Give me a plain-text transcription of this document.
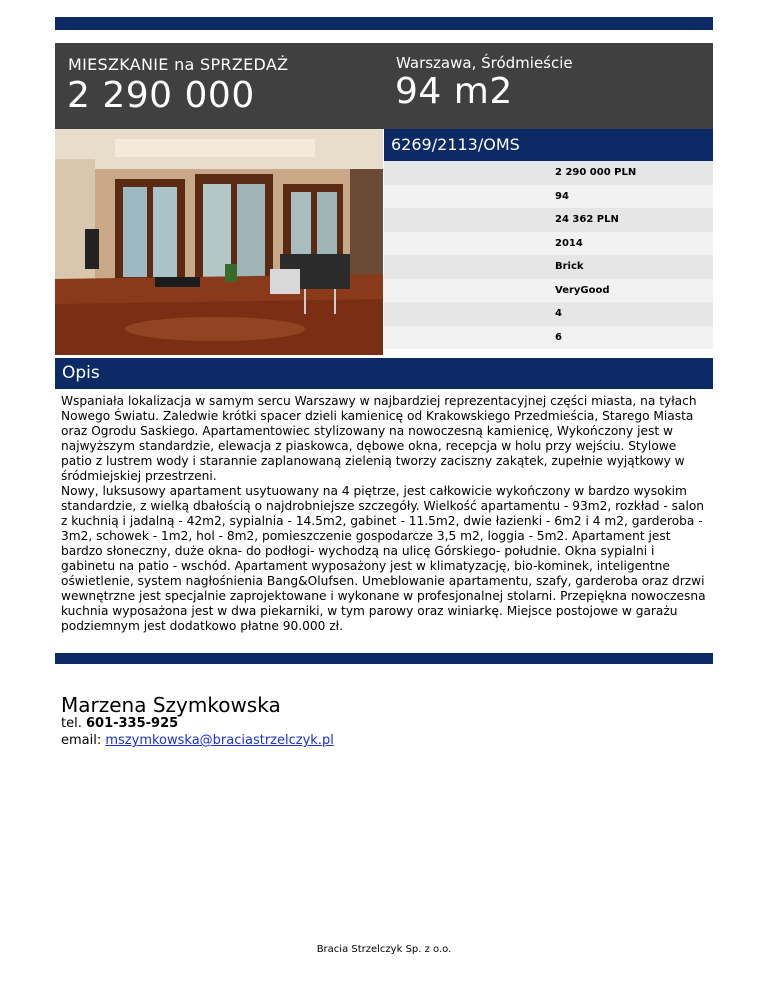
MIESZKANIE na SPRZEDAŻ
2 290 000
Warszawa, Śródmieście
94 m2
6269/2113/OMS
2 290 000 PLN
94
24 362 PLN
2014
Brick
VeryGood
4
6
Opis
Wspaniała lokalizacja w samym sercu Warszawy w najbardziej reprezentacyjnej części miasta, na tyłach Nowego Światu. Zaledwie krótki spacer dzieli kamienicę od Krakowskiego Przedmieścia, Starego Miasta oraz Ogrodu Saskiego. Apartamentowiec stylizowany na nowoczesną kamienicę, Wykończony jest w najwyższym standardzie, elewacja z piaskowca, dębowe okna, recepcja w holu przy wejściu. Stylowe patio z lustrem wody i starannie zaplanowaną zielenią tworzy zaciszny zakątek, zupełnie wyjątkowy w śródmiejskiej przestrzeni.
Nowy, luksusowy apartament usytuowany na 4 piętrze, jest całkowicie wykończony w bardzo wysokim standardzie, z wielką dbałością o najdrobniejsze szczegóły. Wielkość apartamentu - 93m2, rozkład - salon z kuchnią i jadalną - 42m2, sypialnia - 14.5m2, gabinet - 11.5m2, dwie łazienki - 6m2 i 4 m2, garderoba - 3m2, schowek - 1m2, hol - 8m2, pomieszczenie gospodarcze 3,5 m2, loggia - 5m2. Apartament jest bardzo słoneczny, duże okna- do podłogi- wychodzą na ulicę Górskiego- południe. Okna sypialni i gabinetu na patio - wschód. Apartament wyposażony jest w klimatyzację, bio-kominek, inteligentne oświetlenie, system nagłośnienia Bang&Olufsen. Umeblowanie apartamentu, szafy, garderoba oraz drzwi wewnętrzne jest specjalnie zaprojektowane i wykonane w profesjonalnej stolarni. Przepiękna nowoczesna kuchnia wyposażona jest w dwa piekarniki, w tym parowy oraz winiarkę. Miejsce postojowe w garażu podziemnym jest dodatkowo płatne 90.000 zł.
Marzena Szymkowska
tel. 601-335-925
email: mszymkowska@braciastrzelczyk.pl
Bracia Strzelczyk Sp. z o.o.
